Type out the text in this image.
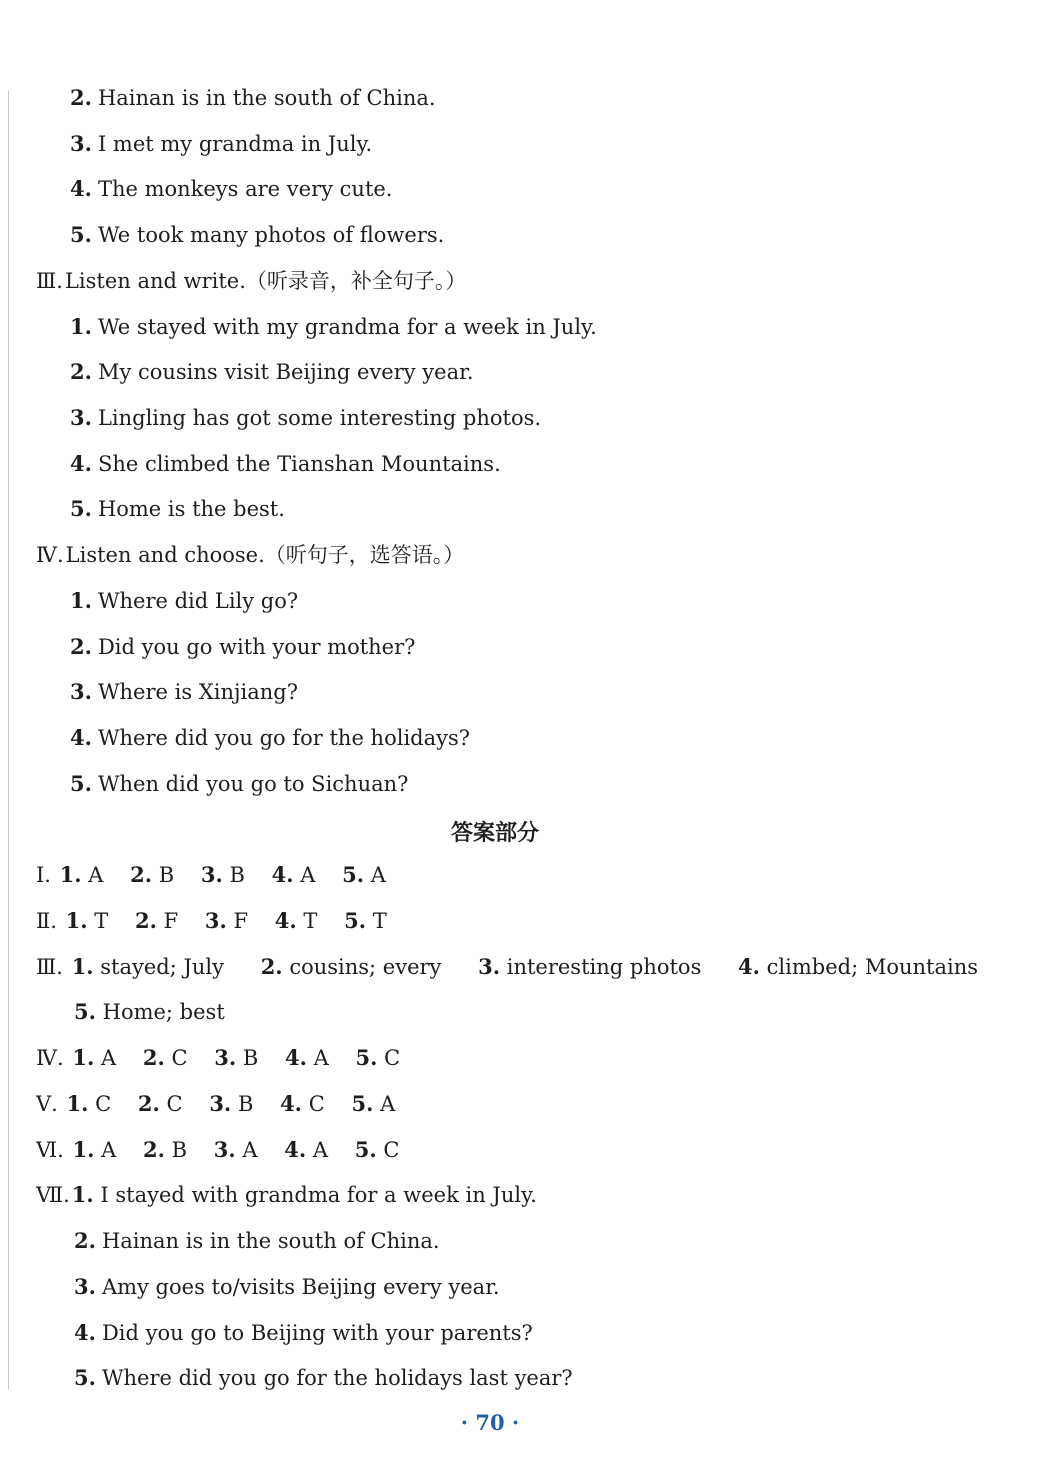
2. Hainan is in the south of China.
3. I met my grandma in July.
4. The monkeys are very cute.
5. We took many photos of flowers.
Ⅲ.Listen and write.（听录音，补全句子。）
1. We stayed with my grandma for a week in July.
2. My cousins visit Beijing every year.
3. Lingling has got some interesting photos.
4. She climbed the Tianshan Mountains.
5. Home is the best.
Ⅳ.Listen and choose.（听句子，选答语。）
1. Where did Lily go?
2. Did you go with your mother?
3. Where is Xinjiang?
4. Where did you go for the holidays?
5. When did you go to Sichuan?
答案部分
Ⅰ. 1. A 2. B 3. B 4. A 5. A
Ⅱ. 1. T 2. F 3. F 4. T 5. T
Ⅲ. 1. stayed; July 2. cousins; every 3. interesting photos 4. climbed; Mountains
5. Home; best
Ⅳ. 1. A 2. C 3. B 4. A 5. C
Ⅴ. 1. C 2. C 3. B 4. C 5. A
Ⅵ. 1. A 2. B 3. A 4. A 5. C
Ⅶ.1. I stayed with grandma for a week in July.
2. Hainan is in the south of China.
3. Amy goes to/visits Beijing every year.
4. Did you go to Beijing with your parents?
5. Where did you go for the holidays last year?
· 70 ·
